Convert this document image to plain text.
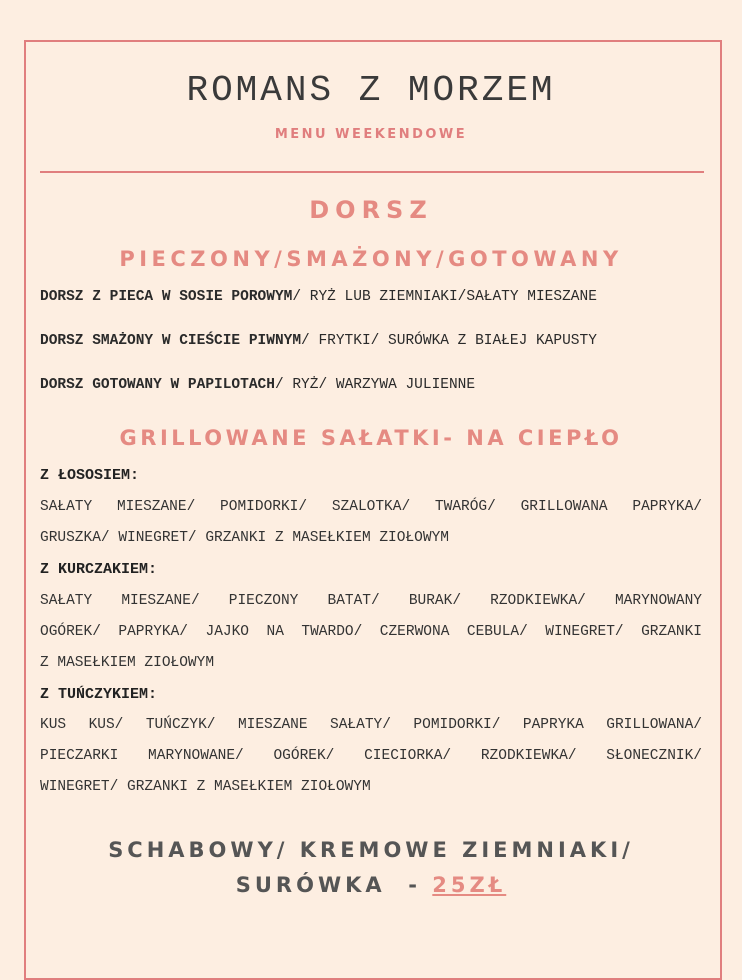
ROMANS Z MORZEM
MENU WEEKENDOWE
DORSZ
PIECZONY/SMAŻONY/GOTOWANY
DORSZ Z PIECA W SOSIE POROWYM/ RYŻ LUB ZIEMNIAKI/SAŁATY MIESZANE
DORSZ SMAŻONY W CIEŚCIE PIWNYM/ FRYTKI/ SURÓWKA Z BIAŁEJ KAPUSTY
DORSZ GOTOWANY W PAPILOTACH/ RYŻ/ WARZYWA JULIENNE
GRILLOWANE SAŁATKI- NA CIEPŁO
Z ŁOSOSIEM:
SAŁATY MIESZANE/ POMIDORKI/ SZALOTKA/ TWARÓG/ GRILLOWANA PAPRYKA/
GRUSZKA/ WINEGRET/ GRZANKI Z MASEŁKIEM ZIOŁOWYM
Z KURCZAKIEM:
SAŁATY MIESZANE/ PIECZONY BATAT/ BURAK/ RZODKIEWKA/ MARYNOWANY
OGÓREK/ PAPRYKA/ JAJKO NA TWARDO/ CZERWONA CEBULA/ WINEGRET/ GRZANKI
Z MASEŁKIEM ZIOŁOWYM
Z TUŃCZYKIEM:
KUS KUS/ TUŃCZYK/ MIESZANE SAŁATY/ POMIDORKI/ PAPRYKA GRILLOWANA/
PIECZARKI MARYNOWANE/ OGÓREK/ CIECIORKA/ RZODKIEWKA/ SŁONECZNIK/
WINEGRET/ GRZANKI Z MASEŁKIEM ZIOŁOWYM
SCHABOWY/ KREMOWE ZIEMNIAKI/
SURÓWKA  - 25ZŁ
